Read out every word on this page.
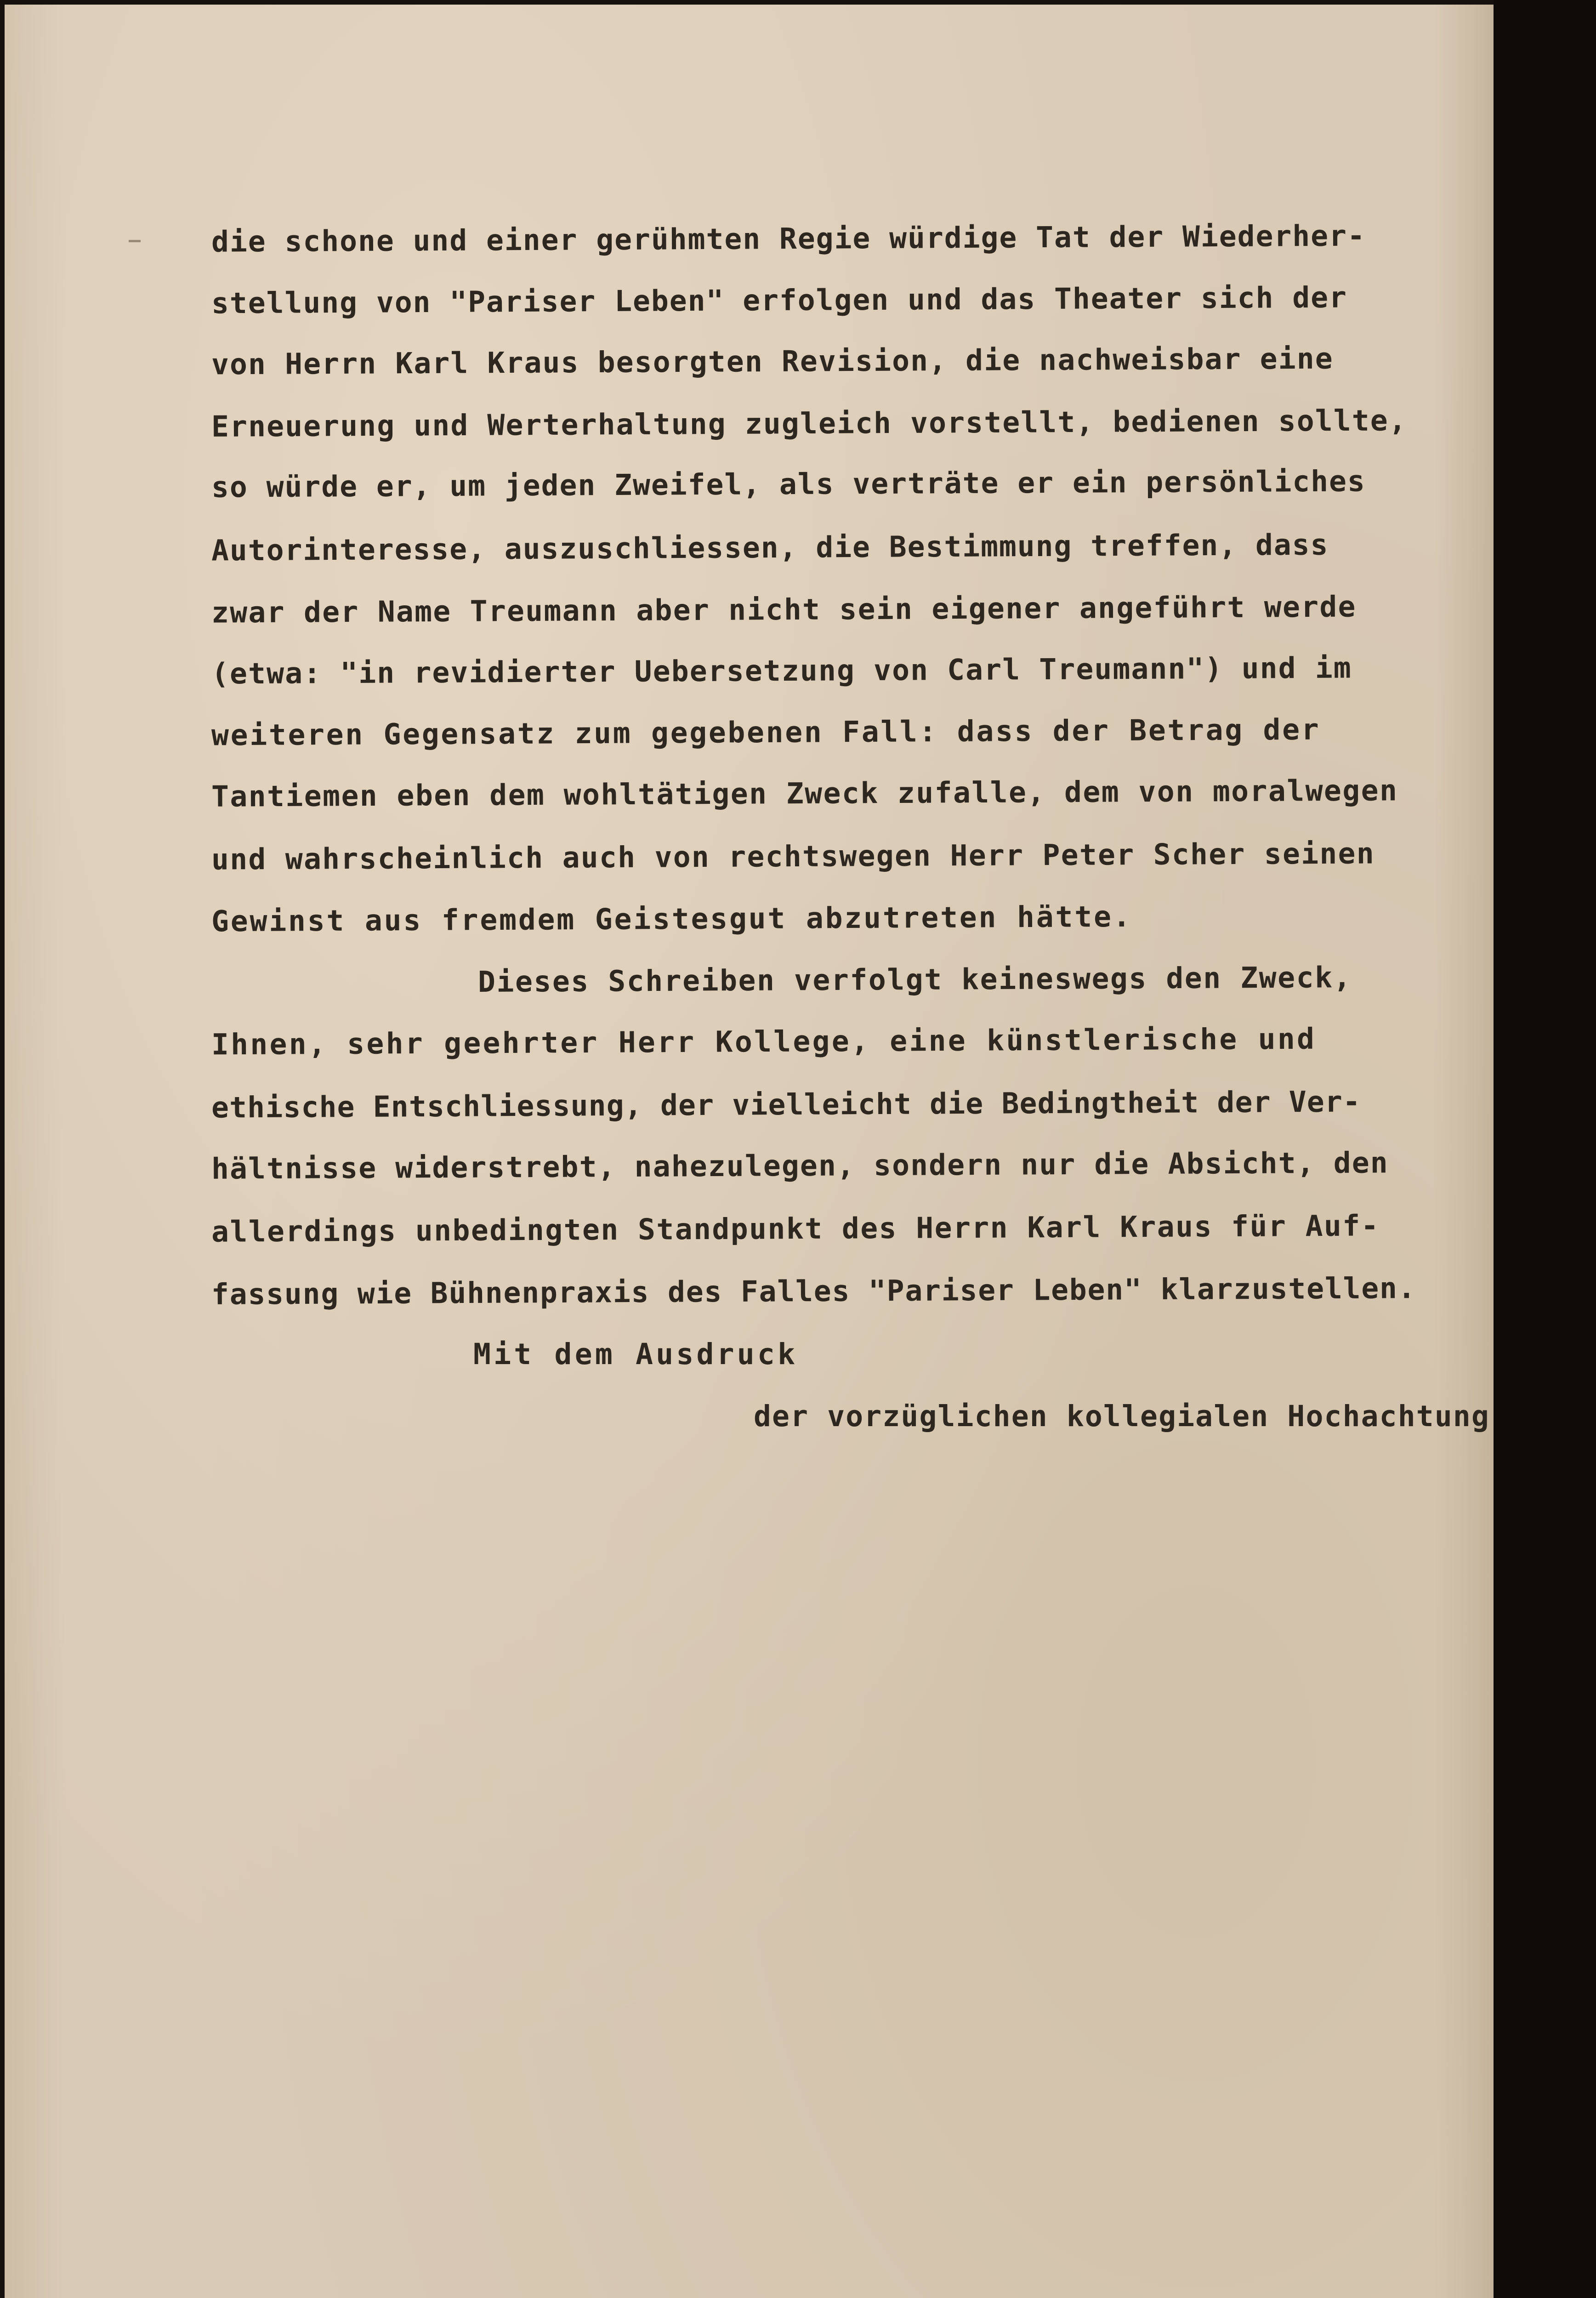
die schone und einer gerühmten Regie würdige Tat der Wiederher-
stellung von "Pariser Leben" erfolgen und das Theater sich der
von Herrn Karl Kraus besorgten Revision, die nachweisbar eine
Erneuerung und Werterhaltung zugleich vorstellt, bedienen sollte,
so würde er, um jeden Zweifel, als verträte er ein persönliches
Autorinteresse, auszuschliessen, die Bestimmung treffen, dass
zwar der Name Treumann aber nicht sein eigener angeführt werde
(etwa: "in revidierter Uebersetzung von Carl Treumann") und im
weiteren Gegensatz zum gegebenen Fall: dass der Betrag der
Tantiemen eben dem wohltätigen Zweck zufalle, dem von moralwegen
und wahrscheinlich auch von rechtswegen Herr Peter Scher seinen
Gewinst aus fremdem Geistesgut abzutreten hätte.
Dieses Schreiben verfolgt keineswegs den Zweck,
Ihnen, sehr geehrter Herr Kollege, eine künstlerische und
ethische Entschliessung, der vielleicht die Bedingtheit der Ver-
hältnisse widerstrebt, nahezulegen, sondern nur die Absicht, den
allerdings unbedingten Standpunkt des Herrn Karl Kraus für Auf-
fassung wie Bühnenpraxis des Falles "Pariser Leben" klarzustellen.
Mit dem Ausdruck
der vorzüglichen kollegialen Hochachtung
